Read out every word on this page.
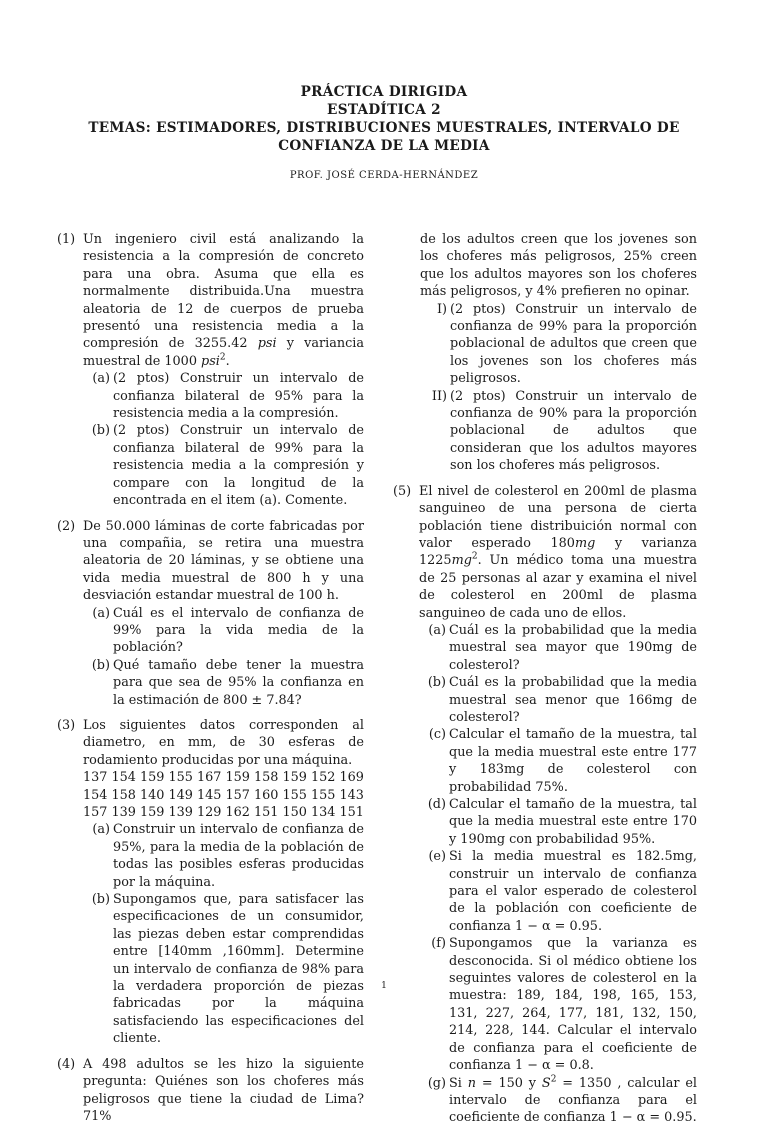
PRÁCTICA DIRIGIDA
ESTADÍTICA 2
TEMAS: ESTIMADORES, DISTRIBUCIONES MUESTRALES, INTERVALO DE
CONFIANZA DE LA MEDIA
PROF. JOSÉ CERDA-HERNÁNDEZ
(1) Un ingeniero civil está analizando la resistencia a la compresión de concreto para una obra. Asuma que ella es normalmente distribuida.Una muestra aleatoria de 12 de cuerpos de prueba presentó una resistencia media a la compresión de 3255.42 psi y variancia muestral de 1000 psi$^2$.
(a) (2 ptos) Construir un intervalo de confianza bilateral de 95% para la resistencia media a la compresión.
(b) (2 ptos) Construir un intervalo de confianza bilateral de 99% para la resistencia media a la compresión y compare con la longitud de la encontrada en el item (a). Comente.
(2) De 50.000 láminas de corte fabricadas por una compañia, se retira una muestra aleatoria de 20 láminas, y se obtiene una vida media muestral de 800 h y una desviación estandar muestral de 100 h.
(a) Cuál es el intervalo de confianza de 99% para la vida media de la población?
(b) Qué tamaño debe tener la muestra para que sea de 95% la confianza en la estimación de 800 ± 7.84?
(3) Los siguientes datos corresponden al diametro, en mm, de 30 esferas de rodamiento producidas por una máquina.
137 154 159 155 167 159 158 159 152 169
154 158 140 149 145 157 160 155 155 143
157 139 159 139 129 162 151 150 134 151
(a) Construir un intervalo de confianza de 95%, para la media de la población de todas las posibles esferas producidas por la máquina.
(b) Supongamos que, para satisfacer las especificaciones de un consumidor, las piezas deben estar comprendidas entre [140mm ,160mm]. Determine un intervalo de confianza de 98% para la verdadera proporción de piezas fabricadas por la máquina satisfaciendo las especificaciones del cliente.
(4) A 498 adultos se les hizo la siguiente pregunta: Quiénes son los choferes más peligrosos que tiene la ciudad de Lima? 71%
de los adultos creen que los jovenes son los choferes más peligrosos, 25% creen que los adultos mayores son los choferes más peligrosos, y 4% prefieren no opinar.
I) (2 ptos) Construir un intervalo de confianza de 99% para la proporción poblacional de adultos que creen que los jovenes son los choferes más peligrosos.
II) (2 ptos) Construir un intervalo de confianza de 90% para la proporción poblacional de adultos que consideran que los adultos mayores son los choferes más peligrosos.
(5) El nivel de colesterol en 200ml de plasma sanguineo de una persona de cierta población tiene distribuición normal con valor esperado 180mg y varianza $1225mg^2$. Un médico toma una muestra de 25 personas al azar y examina el nivel de colesterol en 200ml de plasma sanguineo de cada uno de ellos.
(a) Cuál es la probabilidad que la media muestral sea mayor que 190mg de colesterol?
(b) Cuál es la probabilidad que la media muestral sea menor que 166mg de colesterol?
(c) Calcular el tamaño de la muestra, tal que la media muestral este entre 177 y 183mg de colesterol con probabilidad 75%.
(d) Calcular el tamaño de la muestra, tal que la media muestral este entre 170 y 190mg con probabilidad 95%.
(e) Si la media muestral es 182.5mg, construir un intervalo de confianza para el valor esperado de colesterol de la población con coeficiente de confianza 1 − α = 0.95.
(f) Supongamos que la varianza es desconocida. Si ol médico obtiene los seguintes valores de colesterol en la muestra: 189, 184, 198, 165, 153, 131, 227, 264, 177, 181, 132, 150, 214, 228, 144. Calcular el intervalo de confianza para el coeficiente de confianza 1 − α = 0.8.
(g) Si n = 150 y $S^2 = 1350$ , calcular el intervalo de confianza para el coeficiente de confianza 1 − α = 0.95.
1
